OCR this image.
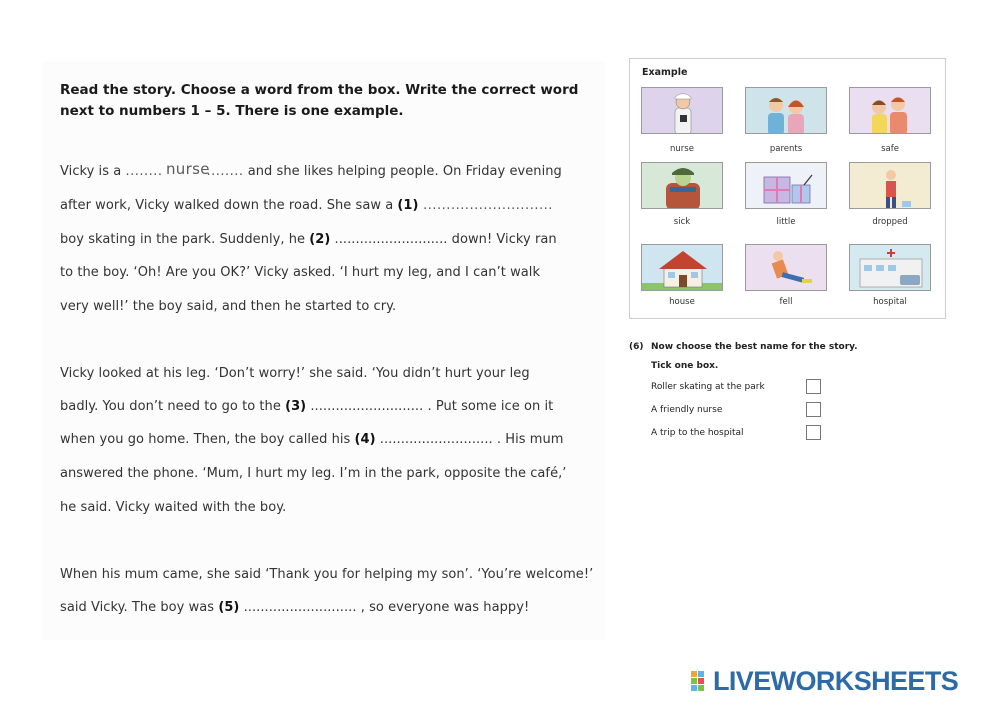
Read the story. Choose a word from the box. Write the correct word
next to numbers 1 – 5. There is one example.
Vicky is a ........	........ and she likes helping people. On Friday evening
nurse
after work, Vicky walked down the road. She saw a (1) ............................
boy skating in the park. Suddenly, he (2) ........................... down! Vicky ran
to the boy. ‘Oh! Are you OK?’ Vicky asked. ‘I hurt my leg, and I can’t walk
very well!’ the boy said, and then he started to cry.
Vicky looked at his leg. ‘Don’t worry!’ she said. ‘You didn’t hurt your leg
badly. You don’t need to go to the (3) ........................... . Put some ice on it
when you go home. Then, the boy called his (4) ........................... . His mum
answered the phone. ‘Mum, I hurt my leg. I’m in the park, opposite the café,’
he said. Vicky waited with the boy.
When his mum came, she said ‘Thank you for helping my son’. ‘You’re welcome!’
said Vicky. The boy was (5) ........................... , so everyone was happy!
Example
nurse	parents	safe
sick	little	dropped
house	fell	hospital
(6) Now choose the best name for the story.
Tick one box.
Roller skating at the park
A friendly nurse
A trip to the hospital
LIVEWORKSHEETS
